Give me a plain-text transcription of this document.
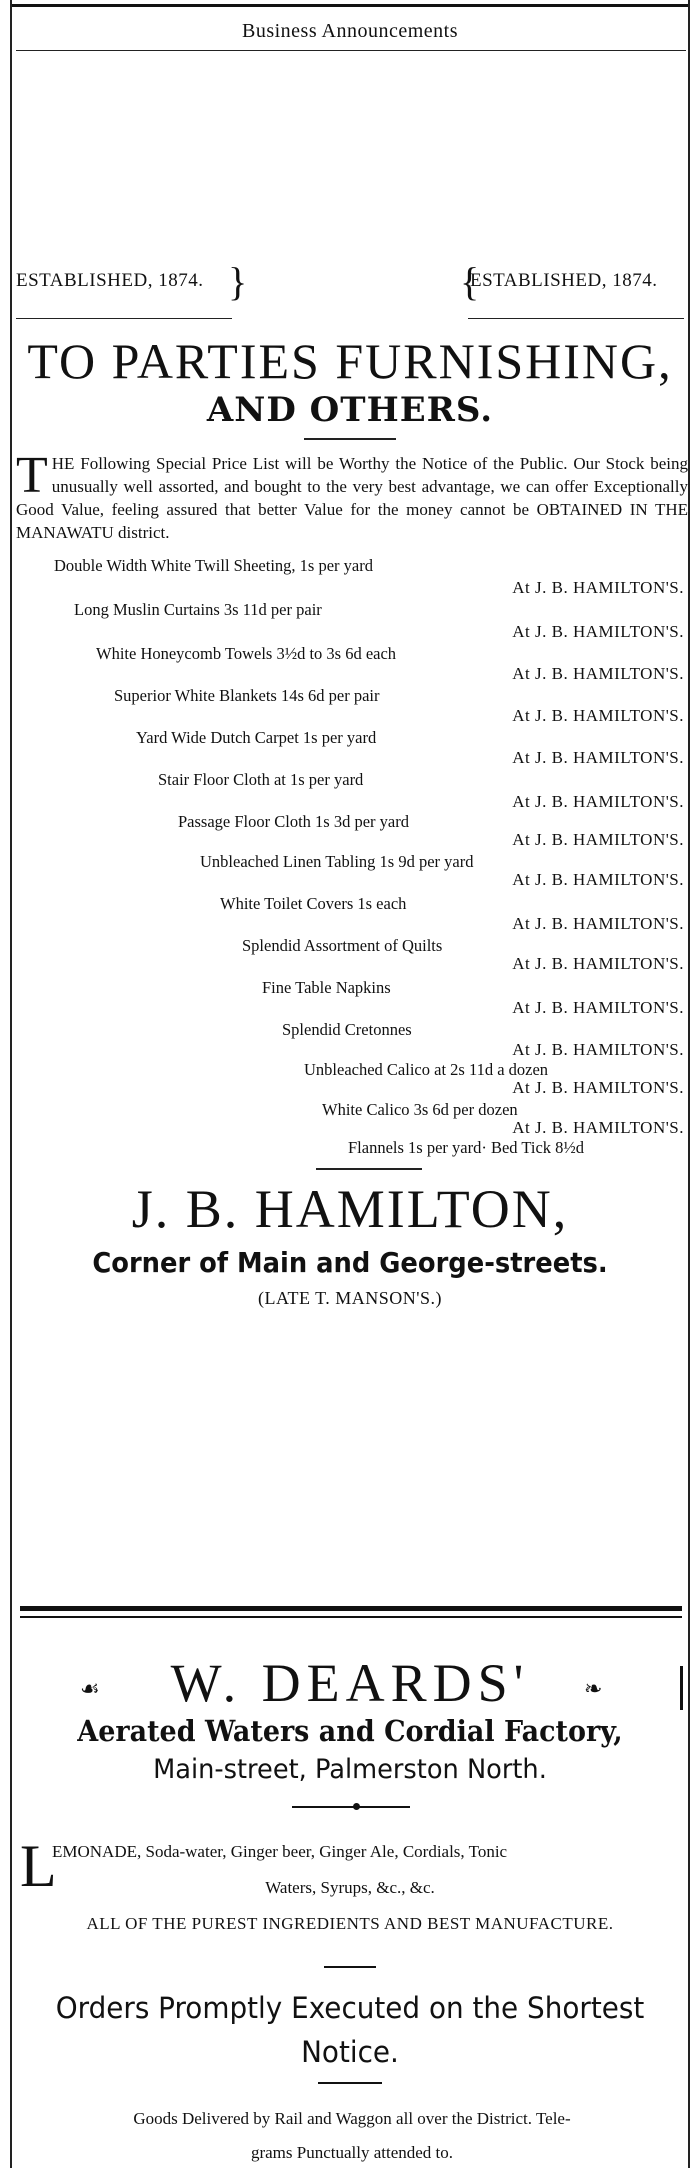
Business Announcements
ESTABLISHED, 1874. }	{
ESTABLISHED, 1874.
TO PARTIES FURNISHING,
AND OTHERS.
THE Following Special Price List will be Worthy the Notice of the Public. Our Stock being unusually well assorted, and bought to the very best advantage, we can offer Exceptionally Good Value, feeling assured that better Value for the money cannot be OBTAINED IN THE MANAWATU district.
Double Width White Twill Sheeting, 1s per yard
At J. B. HAMILTON'S.
Long Muslin Curtains 3s 11d per pair
At J. B. HAMILTON'S.
White Honeycomb Towels 3½d to 3s 6d each
At J. B. HAMILTON'S.
Superior White Blankets 14s 6d per pair
At J. B. HAMILTON'S.
Yard Wide Dutch Carpet 1s per yard
At J. B. HAMILTON'S.
Stair Floor Cloth at 1s per yard
At J. B. HAMILTON'S.
Passage Floor Cloth 1s 3d per yard
At J. B. HAMILTON'S.
Unbleached Linen Tabling 1s 9d per yard
At J. B. HAMILTON'S.
White Toilet Covers 1s each
At J. B. HAMILTON'S.
Splendid Assortment of Quilts
At J. B. HAMILTON'S.
Fine Table Napkins
At J. B. HAMILTON'S.
Splendid Cretonnes
At J. B. HAMILTON'S.
Unbleached Calico at 2s 11d a dozen
At J. B. HAMILTON'S.
White Calico 3s 6d per dozen
At J. B. HAMILTON'S.
Flannels 1s per yard· Bed Tick 8½d
J. B. HAMILTON,
Corner of Main and George-streets.
(LATE T. MANSON'S.)
☙	W. DEARDS'	❧
Aerated Waters and Cordial Factory,
Main-street, Palmerston North.
L
EMONADE, Soda-water, Ginger beer, Ginger Ale, Cordials, Tonic
Waters, Syrups, &c., &c.
ALL OF THE PUREST INGREDIENTS AND BEST MANUFACTURE.
Orders Promptly Executed on the Shortest
Notice.
Goods Delivered by Rail and Waggon all over the District. Tele-
grams Punctually attended to.
